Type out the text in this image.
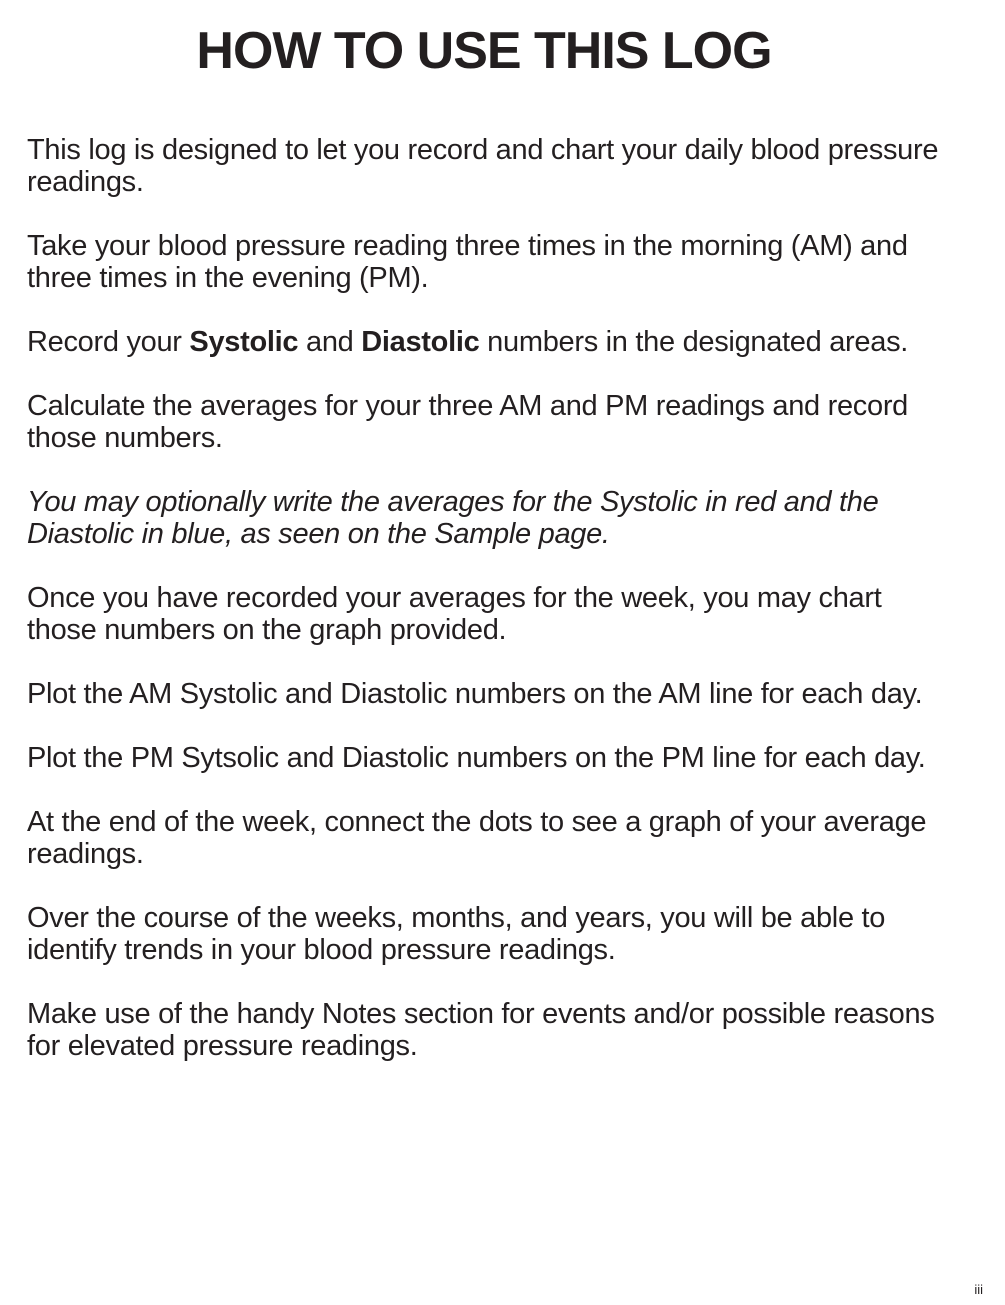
HOW TO USE THIS LOG

This log is designed to let you record and chart your daily blood pressure readings.

Take your blood pressure reading three times in the morning (AM) and three times in the evening (PM).

Record your Systolic and Diastolic numbers in the designated areas.

Calculate the averages for your three AM and PM readings and record those numbers.

You may optionally write the averages for the Systolic in red and the Diastolic in blue, as seen on the Sample page.

Once you have recorded your averages for the week, you may chart those numbers on the graph provided.

Plot the AM Systolic and Diastolic numbers on the AM line for each day.

Plot the PM Sytsolic and Diastolic numbers on the PM line for each day.

At the end of the week, connect the dots to see a graph of your average readings.

Over the course of the weeks, months, and years, you will be able to identify trends in your blood pressure readings.

Make use of the handy Notes section for events and/or possible reasons for elevated pressure readings.

iii
